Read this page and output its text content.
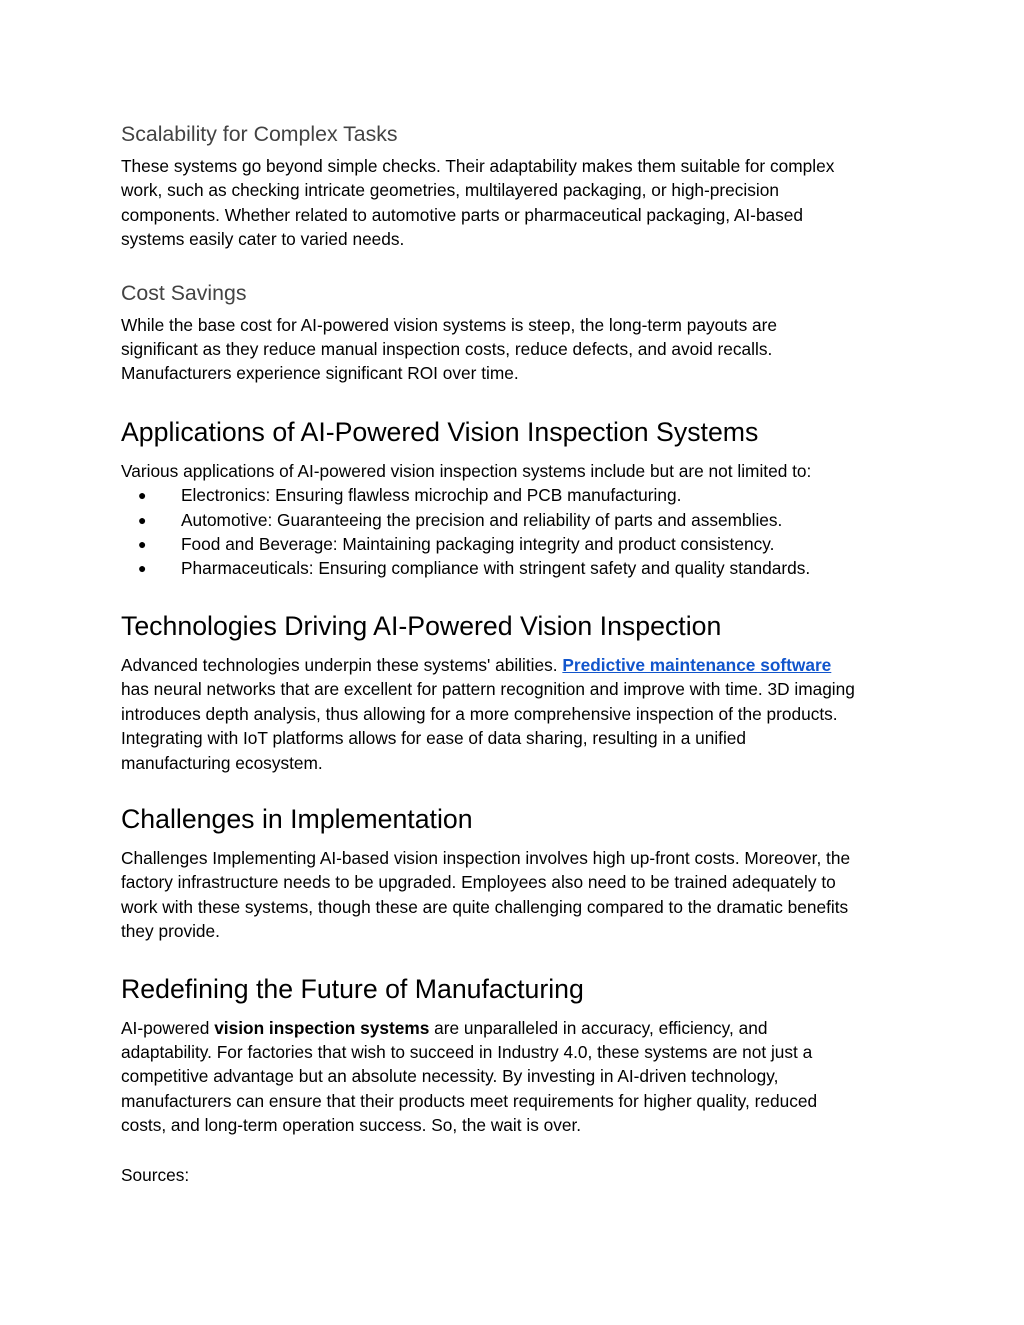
Scalability for Complex Tasks

These systems go beyond simple checks. Their adaptability makes them suitable for complex
work, such as checking intricate geometries, multilayered packaging, or high-precision
components. Whether related to automotive parts or pharmaceutical packaging, AI-based
systems easily cater to varied needs.

Cost Savings

While the base cost for AI-powered vision systems is steep, the long-term payouts are
significant as they reduce manual inspection costs, reduce defects, and avoid recalls.
Manufacturers experience significant ROI over time.

Applications of AI-Powered Vision Inspection Systems

Various applications of AI-powered vision inspection systems include but are not limited to:

● Electronics: Ensuring flawless microchip and PCB manufacturing.
● Automotive: Guaranteeing the precision and reliability of parts and assemblies.
● Food and Beverage: Maintaining packaging integrity and product consistency.
● Pharmaceuticals: Ensuring compliance with stringent safety and quality standards.
Technologies Driving AI-Powered Vision Inspection

Advanced technologies underpin these systems' abilities. Predictive maintenance software
has neural networks that are excellent for pattern recognition and improve with time. 3D imaging
introduces depth analysis, thus allowing for a more comprehensive inspection of the products.
Integrating with IoT platforms allows for ease of data sharing, resulting in a unified
manufacturing ecosystem.

Challenges in Implementation

Challenges Implementing AI-based vision inspection involves high up-front costs. Moreover, the
factory infrastructure needs to be upgraded. Employees also need to be trained adequately to
work with these systems, though these are quite challenging compared to the dramatic benefits
they provide.

Redefining the Future of Manufacturing

AI-powered vision inspection systems are unparalleled in accuracy, efficiency, and
adaptability. For factories that wish to succeed in Industry 4.0, these systems are not just a
competitive advantage but an absolute necessity. By investing in AI-driven technology,
manufacturers can ensure that their products meet requirements for higher quality, reduced
costs, and long-term operation success. So, the wait is over.

Sources:
